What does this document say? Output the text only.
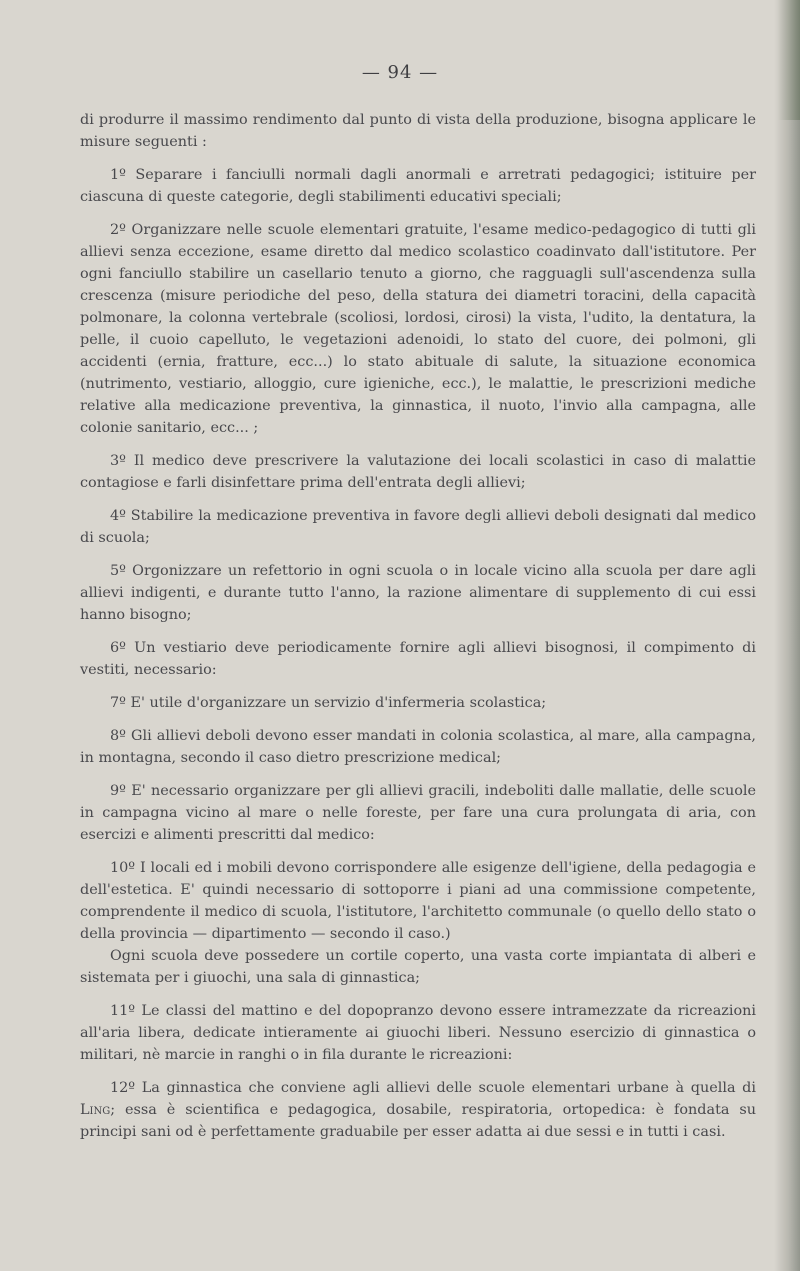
— 94 —

di produrre il massimo rendimento dal punto di vista della produzione, bisogna applicare le misure seguenti :

1º Separare i fanciulli normali dagli anormali e arretrati pedagogici; istituire per ciascuna di queste categorie, degli stabilimenti educativi speciali;

2º Organizzare nelle scuole elementari gratuite, l'esame medico-pedagogico di tutti gli allievi senza eccezione, esame diretto dal medico scolastico coadinvato dall'istitutore. Per ogni fanciullo stabilire un casellario tenuto a giorno, che ragguagli sull'ascendenza sulla crescenza (misure periodiche del peso, della statura dei diametri toracini, della capacità polmonare, la colonna vertebrale (scoliosi, lordosi, cirosi) la vista, l'udito, la dentatura, la pelle, il cuoio capelluto, le vegetazioni adenoidi, lo stato del cuore, dei polmoni, gli accidenti (ernia, fratture, ecc...) lo stato abituale di salute, la situazione economica (nutrimento, vestiario, alloggio, cure igieniche, ecc.), le malattie, le prescrizioni mediche relative alla medicazione preventiva, la ginnastica, il nuoto, l'invio alla campagna, alle colonie sanitario, ecc... ;

3º Il medico deve prescrivere la valutazione dei locali scolastici in caso di malattie contagiose e farli disinfettare prima dell'entrata degli allievi;

4º Stabilire la medicazione preventiva in favore degli allievi deboli designati dal medico di scuola;

5º Orgonizzare un refettorio in ogni scuola o in locale vicino alla scuola per dare agli allievi indigenti, e durante tutto l'anno, la razione alimentare di supplemento di cui essi hanno bisogno;

6º Un vestiario deve periodicamente fornire agli allievi bisognosi, il compimento di vestiti, necessario:

7º E' utile d'organizzare un servizio d'infermeria scolastica;

8º Gli allievi deboli devono esser mandati in colonia scolastica, al mare, alla campagna, in montagna, secondo il caso dietro prescrizione medical;

9º E' necessario organizzare per gli allievi gracili, indeboliti dalle mallatie, delle scuole in campagna vicino al mare o nelle foreste, per fare una cura prolungata di aria, con esercizi e alimenti prescritti dal medico:

10º I locali ed i mobili devono corrispondere alle esigenze dell'igiene, della pedagogia e dell'estetica. E' quindi necessario di sottoporre i piani ad una commissione competente, comprendente il medico di scuola, l'istitutore, l'architetto communale (o quello dello stato o della provincia — dipartimento — secondo il caso.)

Ogni scuola deve possedere un cortile coperto, una vasta corte impiantata di alberi e sistemata per i giuochi, una sala di ginnastica;

11º Le classi del mattino e del dopopranzo devono essere intramezzate da ricreazioni all'aria libera, dedicate intieramente ai giuochi liberi. Nessuno esercizio di ginnastica o militari, nè marcie in ranghi o in fila durante le ricreazioni:

12º La ginnastica che conviene agli allievi delle scuole elementari urbane à quella di Ling; essa è scientifica e pedagogica, dosabile, respiratoria, ortopedica: è fondata su principi sani od è perfettamente graduabile per esser adatta ai due sessi e in tutti i casi.
